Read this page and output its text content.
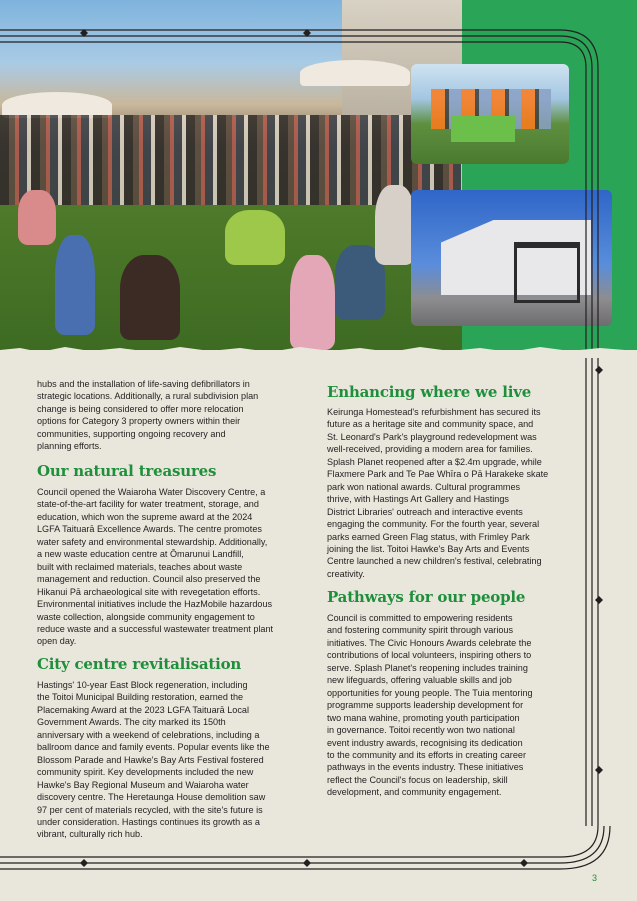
hubs and the installation of life-saving defibrillators in
strategic locations. Additionally, a rural subdivision plan
change is being considered to offer more relocation
options for Category 3 property owners within their
communities, supporting ongoing recovery and
planning efforts.

Our natural treasures

Council opened the Waiaroha Water Discovery Centre, a
state-of-the-art facility for water treatment, storage, and
education, which won the supreme award at the 2024
LGFA Taituarā Excellence Awards. The centre promotes
water safety and environmental stewardship. Additionally,
a new waste education centre at Ōmarunui Landfill,
built with reclaimed materials, teaches about waste
management and reduction. Council also preserved the
Hikanui Pā archaeological site with revegetation efforts.
Environmental initiatives include the HazMobile hazardous
waste collection, alongside community engagement to
reduce waste and a successful wastewater treatment plant
open day.

City centre revitalisation

Hastings' 10-year East Block regeneration, including
the Toitoi Municipal Building restoration, earned the
Placemaking Award at the 2023 LGFA Taituarā Local
Government Awards. The city marked its 150th
anniversary with a weekend of celebrations, including a
ballroom dance and family events. Popular events like the
Blossom Parade and Hawke's Bay Arts Festival fostered
community spirit. Key developments included the new
Hawke's Bay Regional Museum and Waiaroha water
discovery centre. The Heretaunga House demolition saw
97 per cent of materials recycled, with the site's future is
under consideration. Hastings continues its growth as a
vibrant, culturally rich hub.

Enhancing where we live

Keirunga Homestead's refurbishment has secured its
future as a heritage site and community space, and
St. Leonard's Park's playground redevelopment was
well-received, providing a modern area for families.
Splash Planet reopened after a $2.4m upgrade, while
Flaxmere Park and Te Pae Whīra o Pā Harakeke skate
park won national awards. Cultural programmes
thrive, with Hastings Art Gallery and Hastings
District Libraries' outreach and interactive events
engaging the community. For the fourth year, several
parks earned Green Flag status, with Frimley Park
joining the list. Toitoi Hawke's Bay Arts and Events
Centre launched a new children's festival, celebrating
creativity.

Pathways for our people

Council is committed to empowering residents
and fostering community spirit through various
initiatives. The Civic Honours Awards celebrate the
contributions of local volunteers, inspiring others to
serve. Splash Planet's reopening includes training
new lifeguards, offering valuable skills and job
opportunities for young people. The Tuia mentoring
programme supports leadership development for
two mana wahine, promoting youth participation
in governance. Toitoi recently won two national
event industry awards, recognising its dedication
to the community and its efforts in creating career
pathways in the events industry. These initiatives
reflect the Council's focus on leadership, skill
development, and community engagement.

3
